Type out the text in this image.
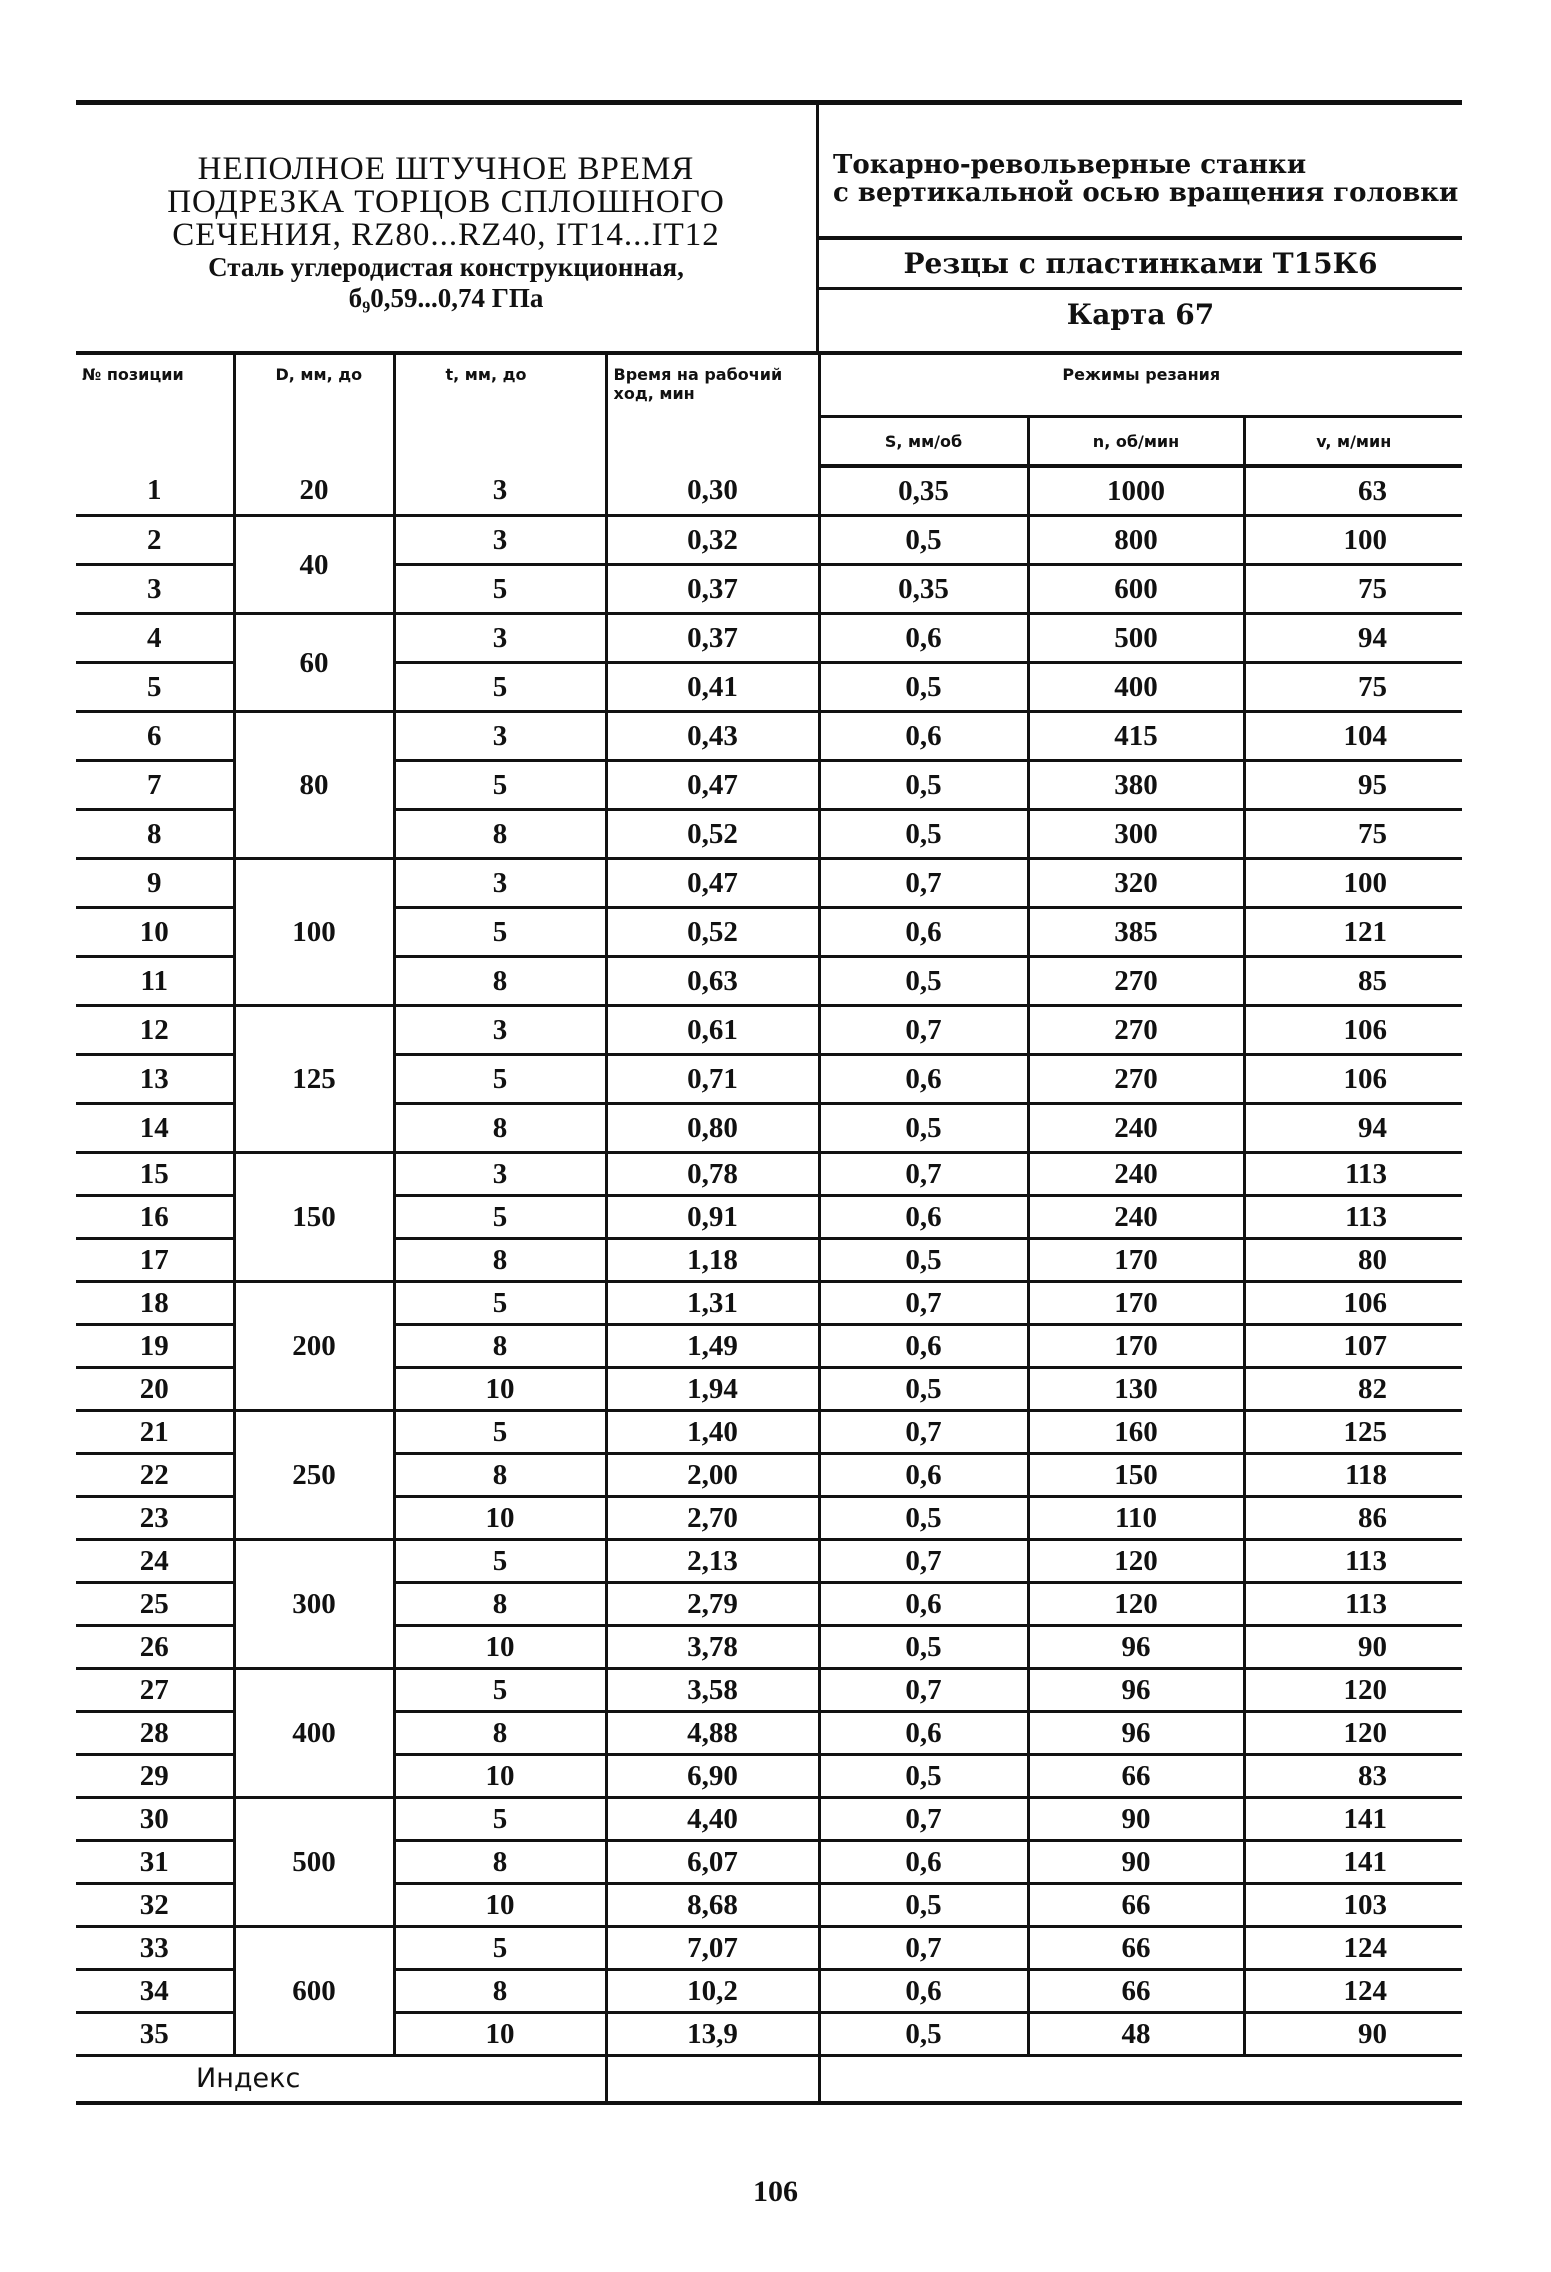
НЕПОЛНОЕ ШТУЧНОЕ ВРЕМЯ
ПОДРЕЗКА ТОРЦОВ СПЛОШНОГО
СЕЧЕНИЯ, RZ80...RZ40, IT14...IT12
Сталь углеродистая конструкционная,
б₉0,59...0,74 ГПа
Токарно-револьверные станки
с вертикальной осью вращения головки
Резцы с пластинками Т15К6
Карта 67
№ позиции	D, мм, до	t, мм, до	Время на рабочий ход, мин	Режимы резания		
				S, мм/об	n, об/мин	v, м/мин
1	20	3	0,30	0,35	1000	63
2	40	3	0,32	0,5	800	100
3		5	0,37	0,35	600	75
4	60	3	0,37	0,6	500	94
5		5	0,41	0,5	400	75
6	80	3	0,43	0,6	415	104
7		5	0,47	0,5	380	95
8		8	0,52	0,5	300	75
9	100	3	0,47	0,7	320	100
10		5	0,52	0,6	385	121
11		8	0,63	0,5	270	85
12	125	3	0,61	0,7	270	106
13		5	0,71	0,6	270	106
14		8	0,80	0,5	240	94
15	150	3	0,78	0,7	240	113
16		5	0,91	0,6	240	113
17		8	1,18	0,5	170	80
18	200	5	1,31	0,7	170	106
19		8	1,49	0,6	170	107
20		10	1,94	0,5	130	82
21	250	5	1,40	0,7	160	125
22		8	2,00	0,6	150	118
23		10	2,70	0,5	110	86
24	300	5	2,13	0,7	120	113
25		8	2,79	0,6	120	113
26		10	3,78	0,5	96	90
27	400	5	3,58	0,7	96	120
28		8	4,88	0,6	96	120
29		10	6,90	0,5	66	83
30	500	5	4,40	0,7	90	141
31		8	6,07	0,6	90	141
32		10	8,68	0,5	66	103
33	600	5	7,07	0,7	66	124
34		8	10,2	0,6	66	124
35		10	13,9	0,5	48	90
Индекс						
106
